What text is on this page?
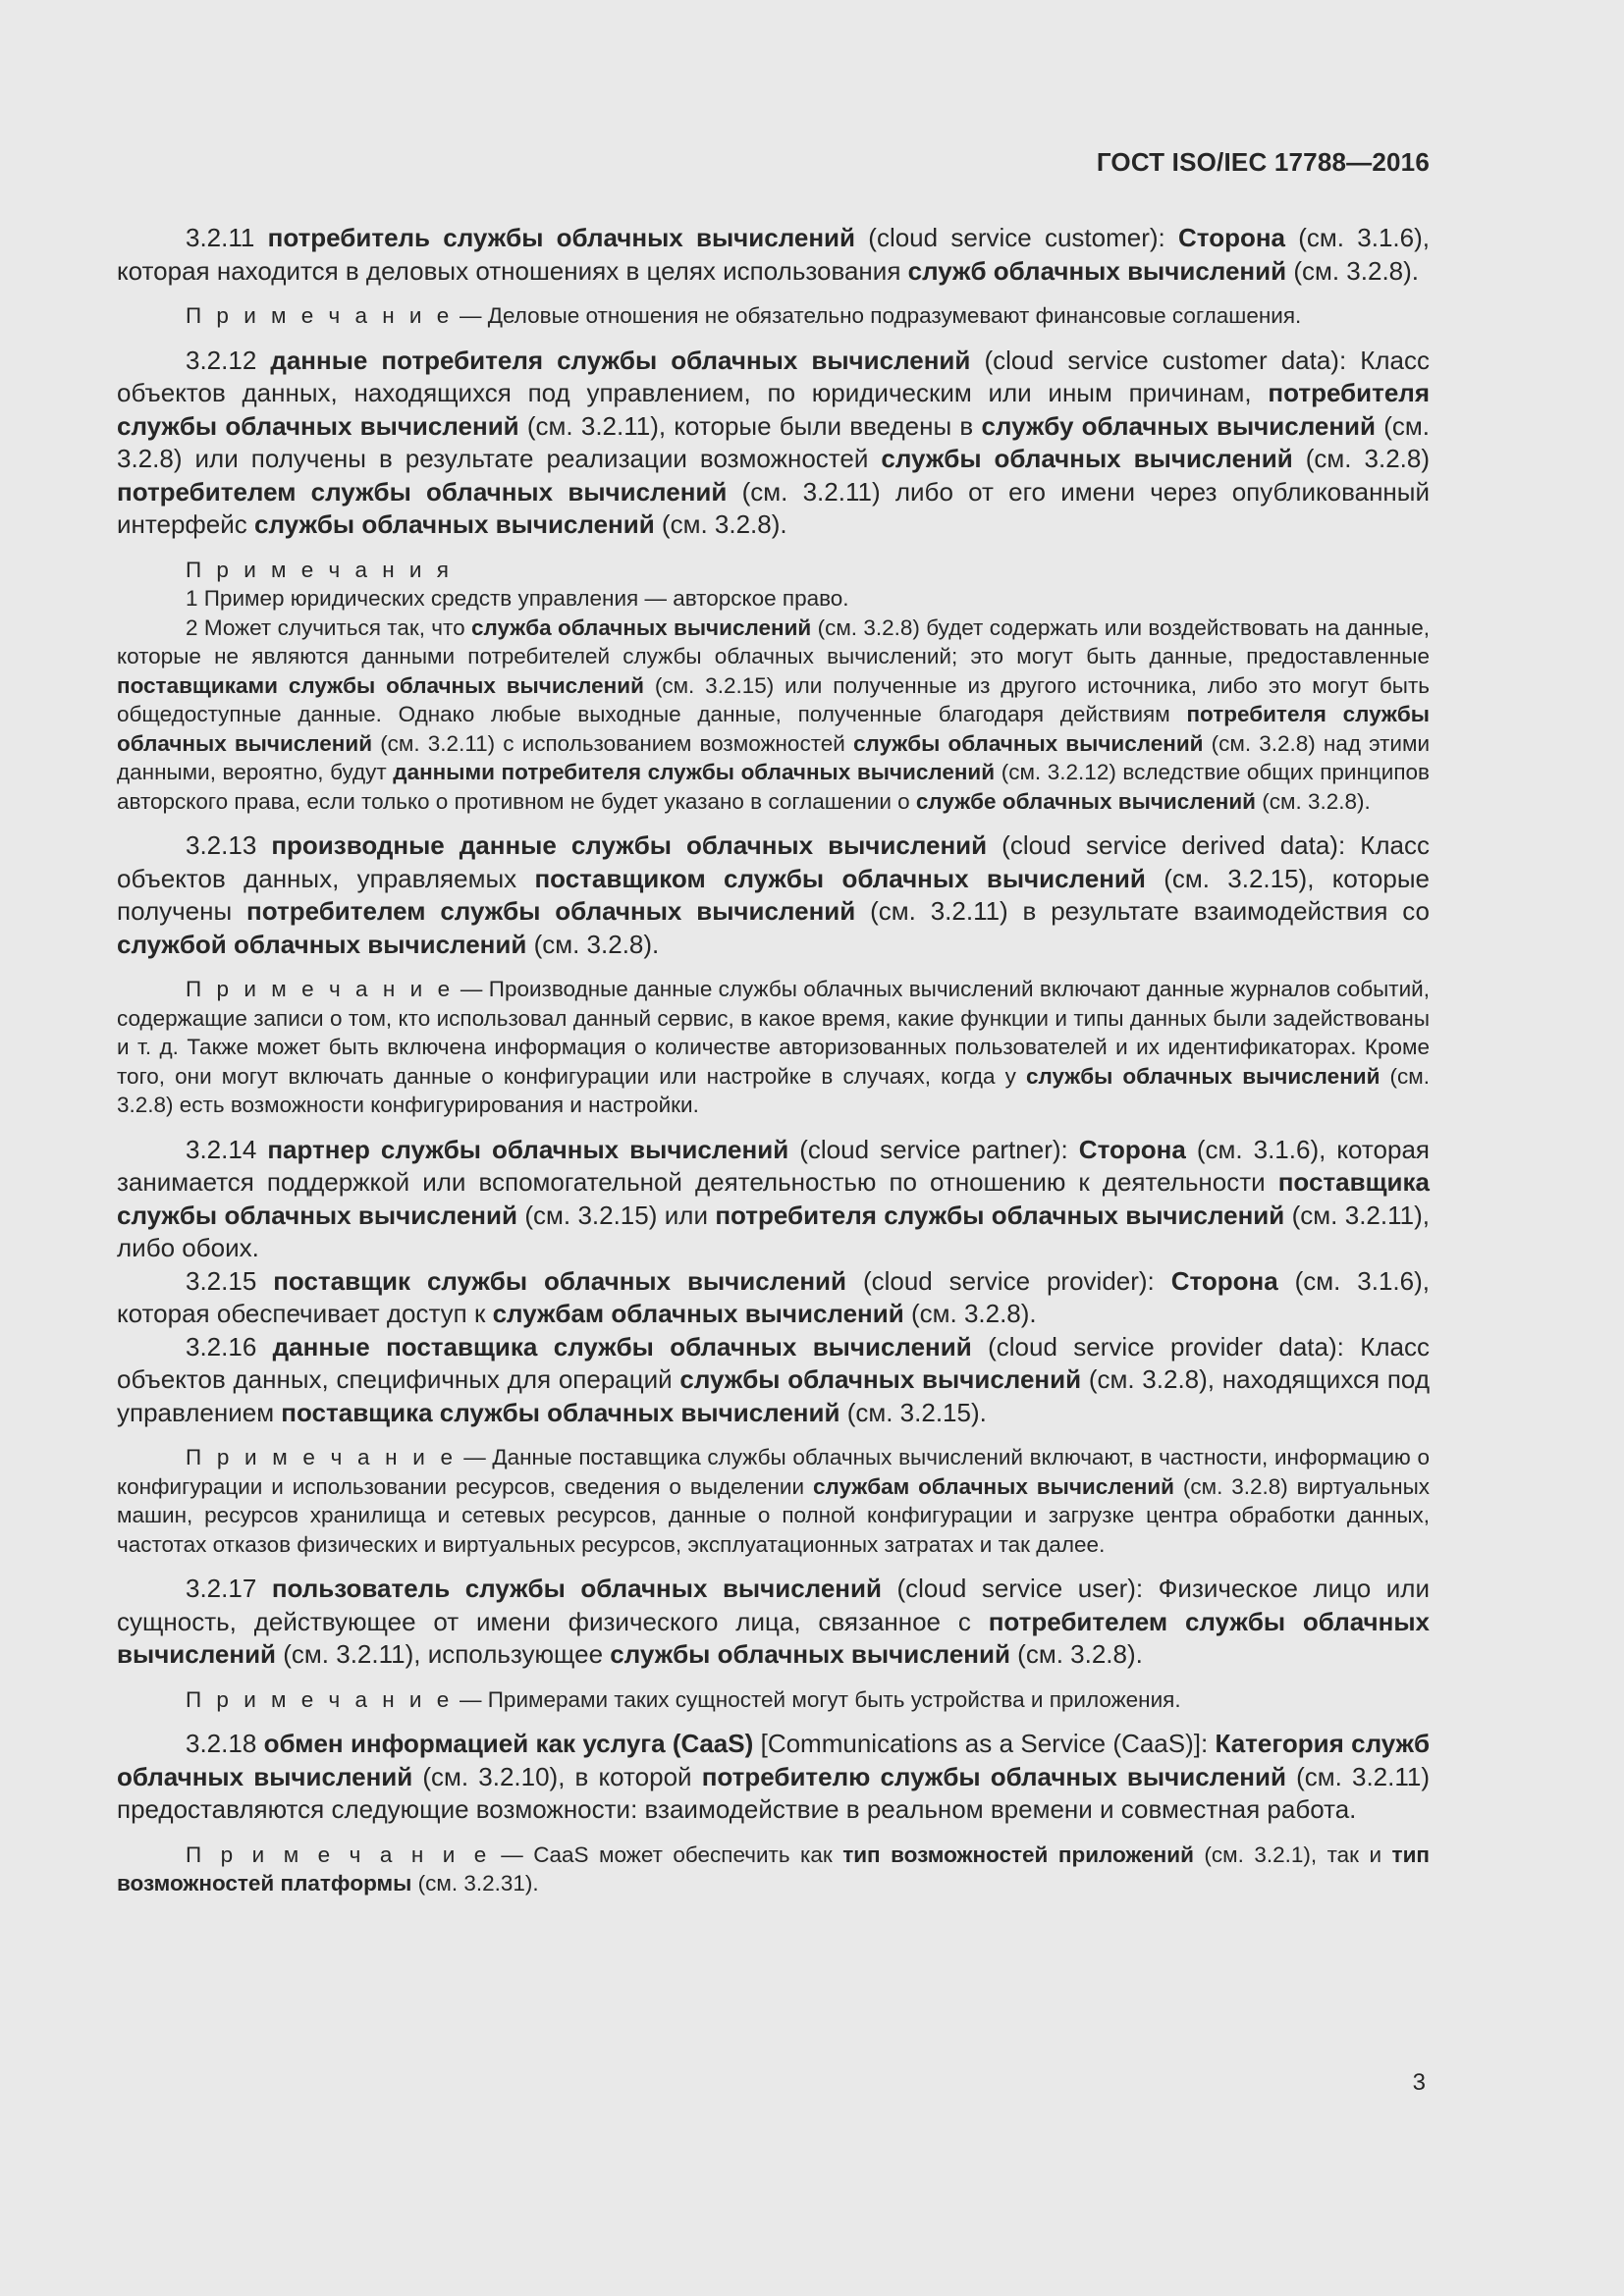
ГОСТ ISO/IEC 17788—2016

3.2.11 потребитель службы облачных вычислений (cloud service customer): Сторона (см. 3.1.6), которая находится в деловых отношениях в целях использования служб облачных вычислений (см. 3.2.8).

П р и м е ч а н и е — Деловые отношения не обязательно подразумевают финансовые соглашения.

3.2.12 данные потребителя службы облачных вычислений (cloud service customer data): Класс объектов данных, находящихся под управлением, по юридическим или иным причинам, потребителя службы облачных вычислений (см. 3.2.11), которые были введены в службу облачных вычислений (см. 3.2.8) или получены в результате реализации возможностей службы облачных вычислений (см. 3.2.8) потребителем службы облачных вычислений (см. 3.2.11) либо от его имени через опубликованный интерфейс службы облачных вычислений (см. 3.2.8).

П р и м е ч а н и я

1 Пример юридических средств управления — авторское право.

2 Может случиться так, что служба облачных вычислений (см. 3.2.8) будет содержать или воздействовать на данные, которые не являются данными потребителей службы облачных вычислений; это могут быть данные, предоставленные поставщиками службы облачных вычислений (см. 3.2.15) или полученные из другого источника, либо это могут быть общедоступные данные. Однако любые выходные данные, полученные благодаря действиям потребителя службы облачных вычислений (см. 3.2.11) с использованием возможностей службы облачных вычислений (см. 3.2.8) над этими данными, вероятно, будут данными потребителя службы облачных вычислений (см. 3.2.12) вследствие общих принципов авторского права, если только о противном не будет указано в соглашении о службе облачных вычислений (см. 3.2.8).

3.2.13 производные данные службы облачных вычислений (cloud service derived data): Класс объектов данных, управляемых поставщиком службы облачных вычислений (см. 3.2.15), которые получены потребителем службы облачных вычислений (см. 3.2.11) в результате взаимодействия со службой облачных вычислений (см. 3.2.8).

П р и м е ч а н и е — Производные данные службы облачных вычислений включают данные журналов событий, содержащие записи о том, кто использовал данный сервис, в какое время, какие функции и типы данных были задействованы и т. д. Также может быть включена информация о количестве авторизованных пользователей и их идентификаторах. Кроме того, они могут включать данные о конфигурации или настройке в случаях, когда у службы облачных вычислений (см. 3.2.8) есть возможности конфигурирования и настройки.

3.2.14 партнер службы облачных вычислений (cloud service partner): Сторона (см. 3.1.6), которая занимается поддержкой или вспомогательной деятельностью по отношению к деятельности поставщика службы облачных вычислений (см. 3.2.15) или потребителя службы облачных вычислений (см. 3.2.11), либо обоих.

3.2.15 поставщик службы облачных вычислений (cloud service provider): Сторона (см. 3.1.6), которая обеспечивает доступ к службам облачных вычислений (см. 3.2.8).

3.2.16 данные поставщика службы облачных вычислений (cloud service provider data): Класс объектов данных, специфичных для операций службы облачных вычислений (см. 3.2.8), находящихся под управлением поставщика службы облачных вычислений (см. 3.2.15).

П р и м е ч а н и е — Данные поставщика службы облачных вычислений включают, в частности, информацию о конфигурации и использовании ресурсов, сведения о выделении службам облачных вычислений (см. 3.2.8) виртуальных машин, ресурсов хранилища и сетевых ресурсов, данные о полной конфигурации и загрузке центра обработки данных, частотах отказов физических и виртуальных ресурсов, эксплуатационных затратах и так далее.

3.2.17 пользователь службы облачных вычислений (cloud service user): Физическое лицо или сущность, действующее от имени физического лица, связанное с потребителем службы облачных вычислений (см. 3.2.11), использующее службы облачных вычислений (см. 3.2.8).

П р и м е ч а н и е — Примерами таких сущностей могут быть устройства и приложения.

3.2.18 обмен информацией как услуга (CaaS) [Communications as a Service (CaaS)]: Категория служб облачных вычислений (см. 3.2.10), в которой потребителю службы облачных вычислений (см. 3.2.11) предоставляются следующие возможности: взаимодействие в реальном времени и совместная работа.

П р и м е ч а н и е — CaaS может обеспечить как тип возможностей приложений (см. 3.2.1), так и тип возможностей платформы (см. 3.2.31).

3
